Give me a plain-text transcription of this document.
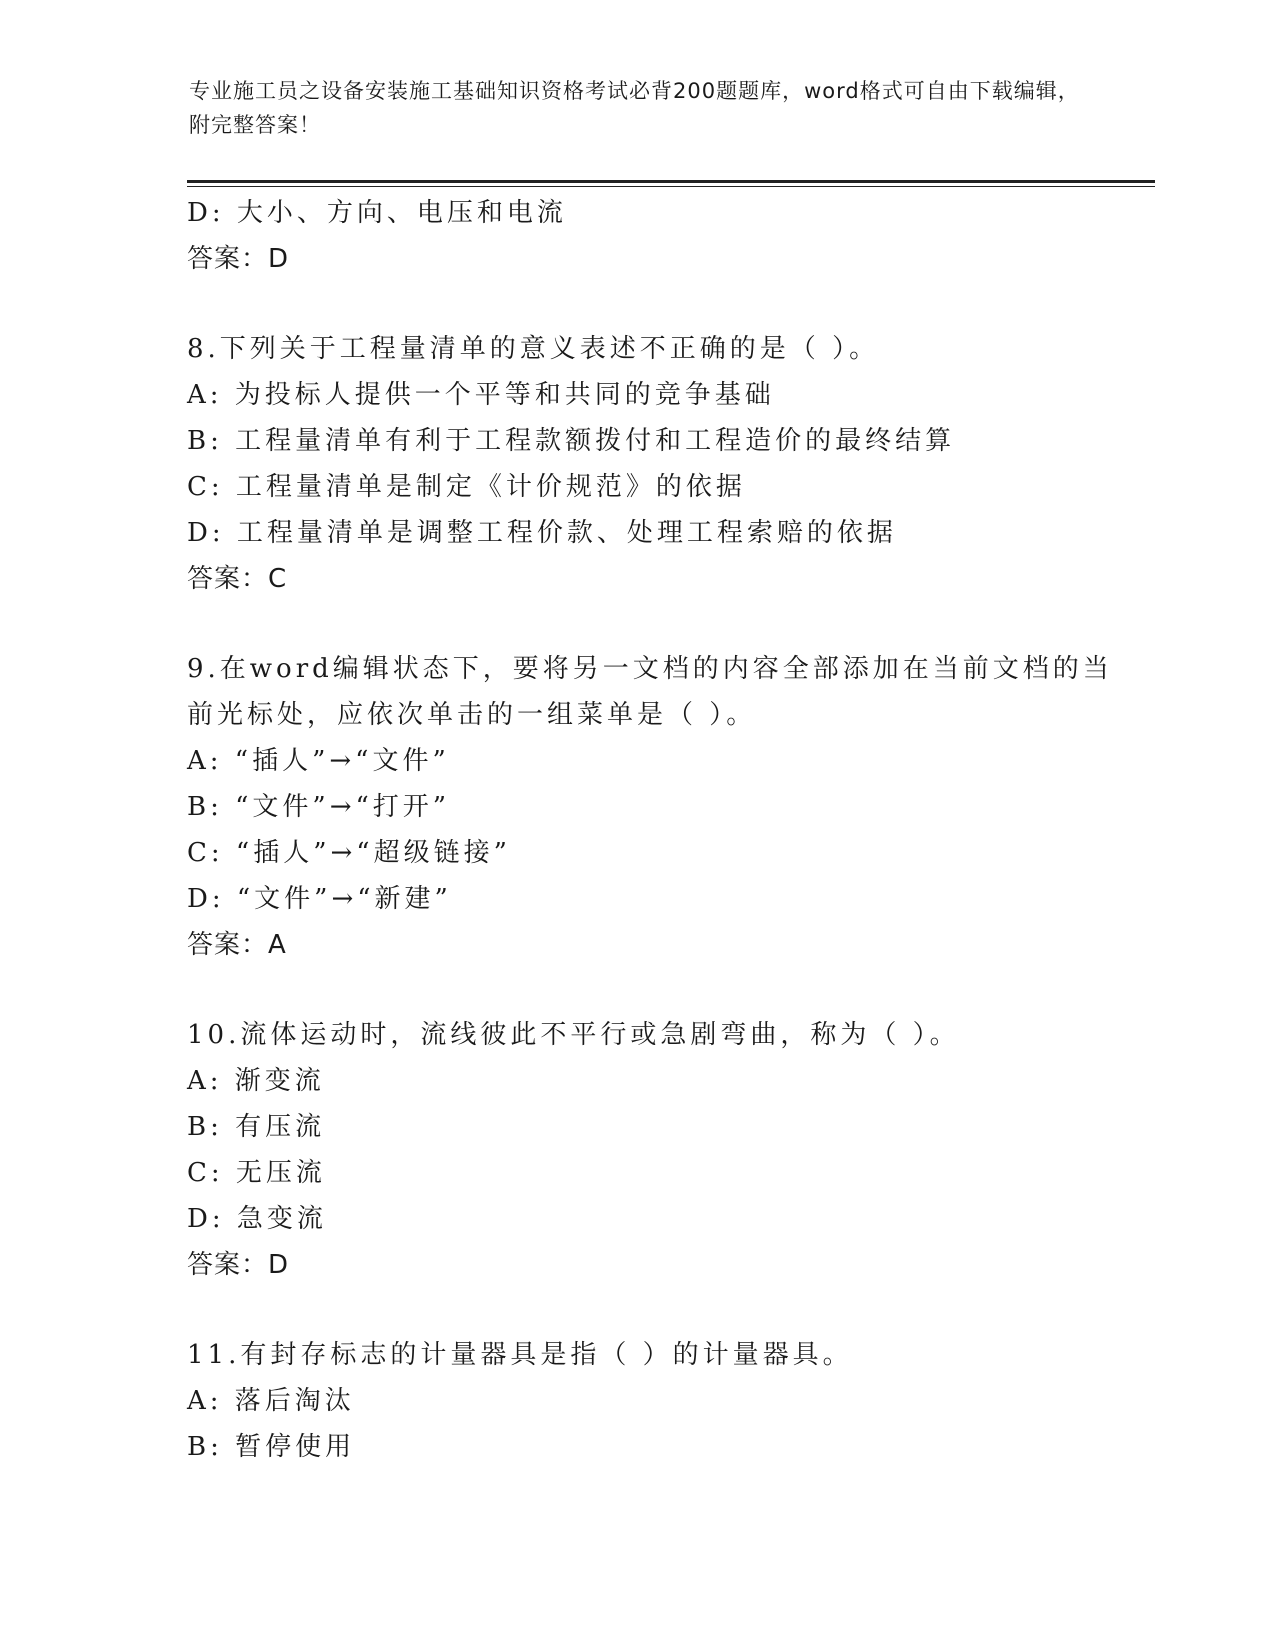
专业施工员之设备安装施工基础知识资格考试必背200题题库，word格式可自由下载编辑，附完整答案！
D: 大小、方向、电压和电流
答案：D
8.下列关于工程量清单的意义表述不正确的是（ ）。
A: 为投标人提供一个平等和共同的竞争基础
B: 工程量清单有利于工程款额拨付和工程造价的最终结算
C: 工程量清单是制定《计价规范》的依据
D: 工程量清单是调整工程价款、处理工程索赔的依据
答案：C
9.在word编辑状态下，要将另一文档的内容全部添加在当前文档的当
前光标处，应依次单击的一组菜单是（ ）。
A: “插人”→“文件”
B: “文件”→“打开”
C: “插人”→“超级链接”
D: “文件”→“新建”
答案：A
10.流体运动时，流线彼此不平行或急剧弯曲，称为（ ）。
A: 渐变流
B: 有压流
C: 无压流
D: 急变流
答案：D
11.有封存标志的计量器具是指（ ）的计量器具。
A: 落后淘汰
B: 暂停使用
